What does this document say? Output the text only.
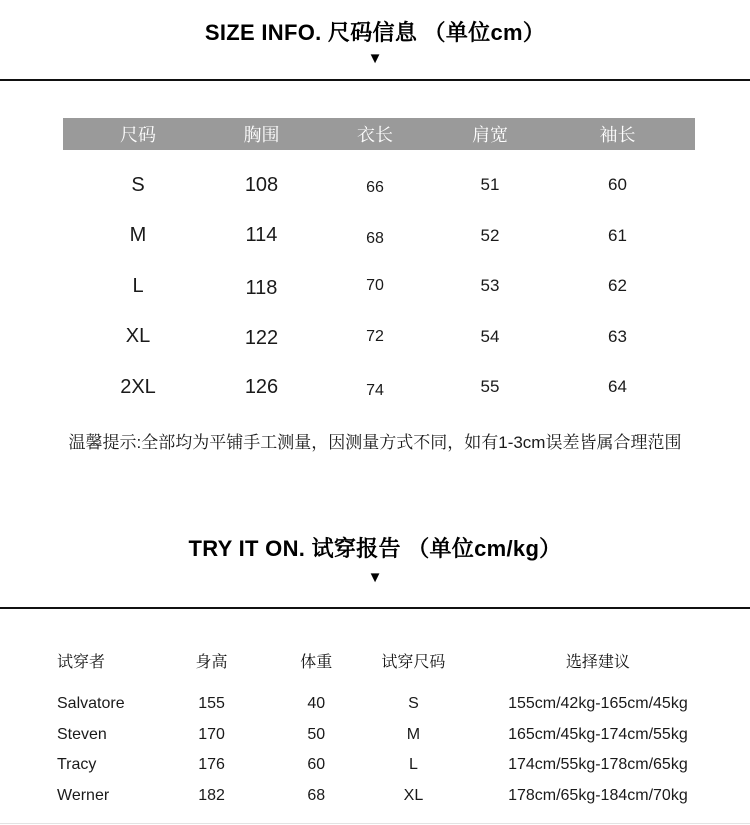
SIZE INFO. 尺码信息 （单位cm）
▼
尺码	胸围	衣长	肩宽	袖长
S	108	66	51	60
M	114	68	52	61
L	118	70	53	62
XL	122	72	54	63
2XL	126	74	55	64
温馨提示:全部均为平铺手工测量，因测量方式不同，如有1-3cm误差皆属合理范围
TRY IT ON. 试穿报告 （单位cm/kg）
▼
试穿者	身高	体重	试穿尺码	选择建议
Salvatore	155	40	S	155cm/42kg-165cm/45kg
Steven	170	50	M	165cm/45kg-174cm/55kg
Tracy	176	60	L	174cm/55kg-178cm/65kg
Werner	182	68	XL	178cm/65kg-184cm/70kg
